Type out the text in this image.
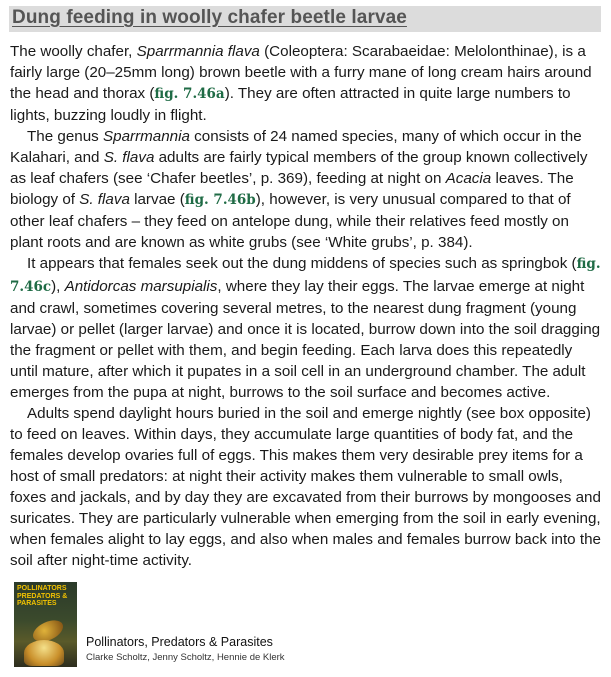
Dung feeding in woolly chafer beetle larvae

The woolly chafer, Sparrmannia flava (Coleoptera: Scarabaeidae: Melolonthinae), is a fairly large (20–25mm long) brown beetle with a furry mane of long cream hairs around the head and thorax (fig. 7.46a). They are often attracted in quite large numbers to lights, buzzing loudly in flight.

The genus Sparrmannia consists of 24 named species, many of which occur in the Kalahari, and S. flava adults are fairly typical members of the group known collectively as leaf chafers (see ‘Chafer beetles’, p. 369), feeding at night on Acacia leaves. The biology of S. flava larvae (fig. 7.46b), however, is very unusual compared to that of other leaf chafers – they feed on antelope dung, while their relatives feed mostly on plant roots and are known as white grubs (see ‘White grubs’, p. 384).

It appears that females seek out the dung middens of species such as springbok (fig. 7.46c), Antidorcas marsupialis, where they lay their eggs. The larvae emerge at night and crawl, sometimes covering several metres, to the nearest dung fragment (young larvae) or pellet (larger larvae) and once it is located, burrow down into the soil dragging the fragment or pellet with them, and begin feeding. Each larva does this repeatedly until mature, after which it pupates in a soil cell in an underground chamber. The adult emerges from the pupa at night, burrows to the soil surface and becomes active.

Adults spend daylight hours buried in the soil and emerge nightly (see box opposite) to feed on leaves. Within days, they accumulate large quantities of body fat, and the females develop ovaries full of eggs. This makes them very desirable prey items for a host of small predators: at night their activity makes them vulnerable to small owls, foxes and jackals, and by day they are excavated from their burrows by mongooses and suricates. They are particularly vulnerable when emerging from the soil in early evening, when females alight to lay eggs, and also when males and females burrow back into the soil after night-time activity.

POLLINATORS PREDATORS & PARASITES
Pollinators, Predators & Parasites
Clarke Scholtz, Jenny Scholtz, Hennie de Klerk
